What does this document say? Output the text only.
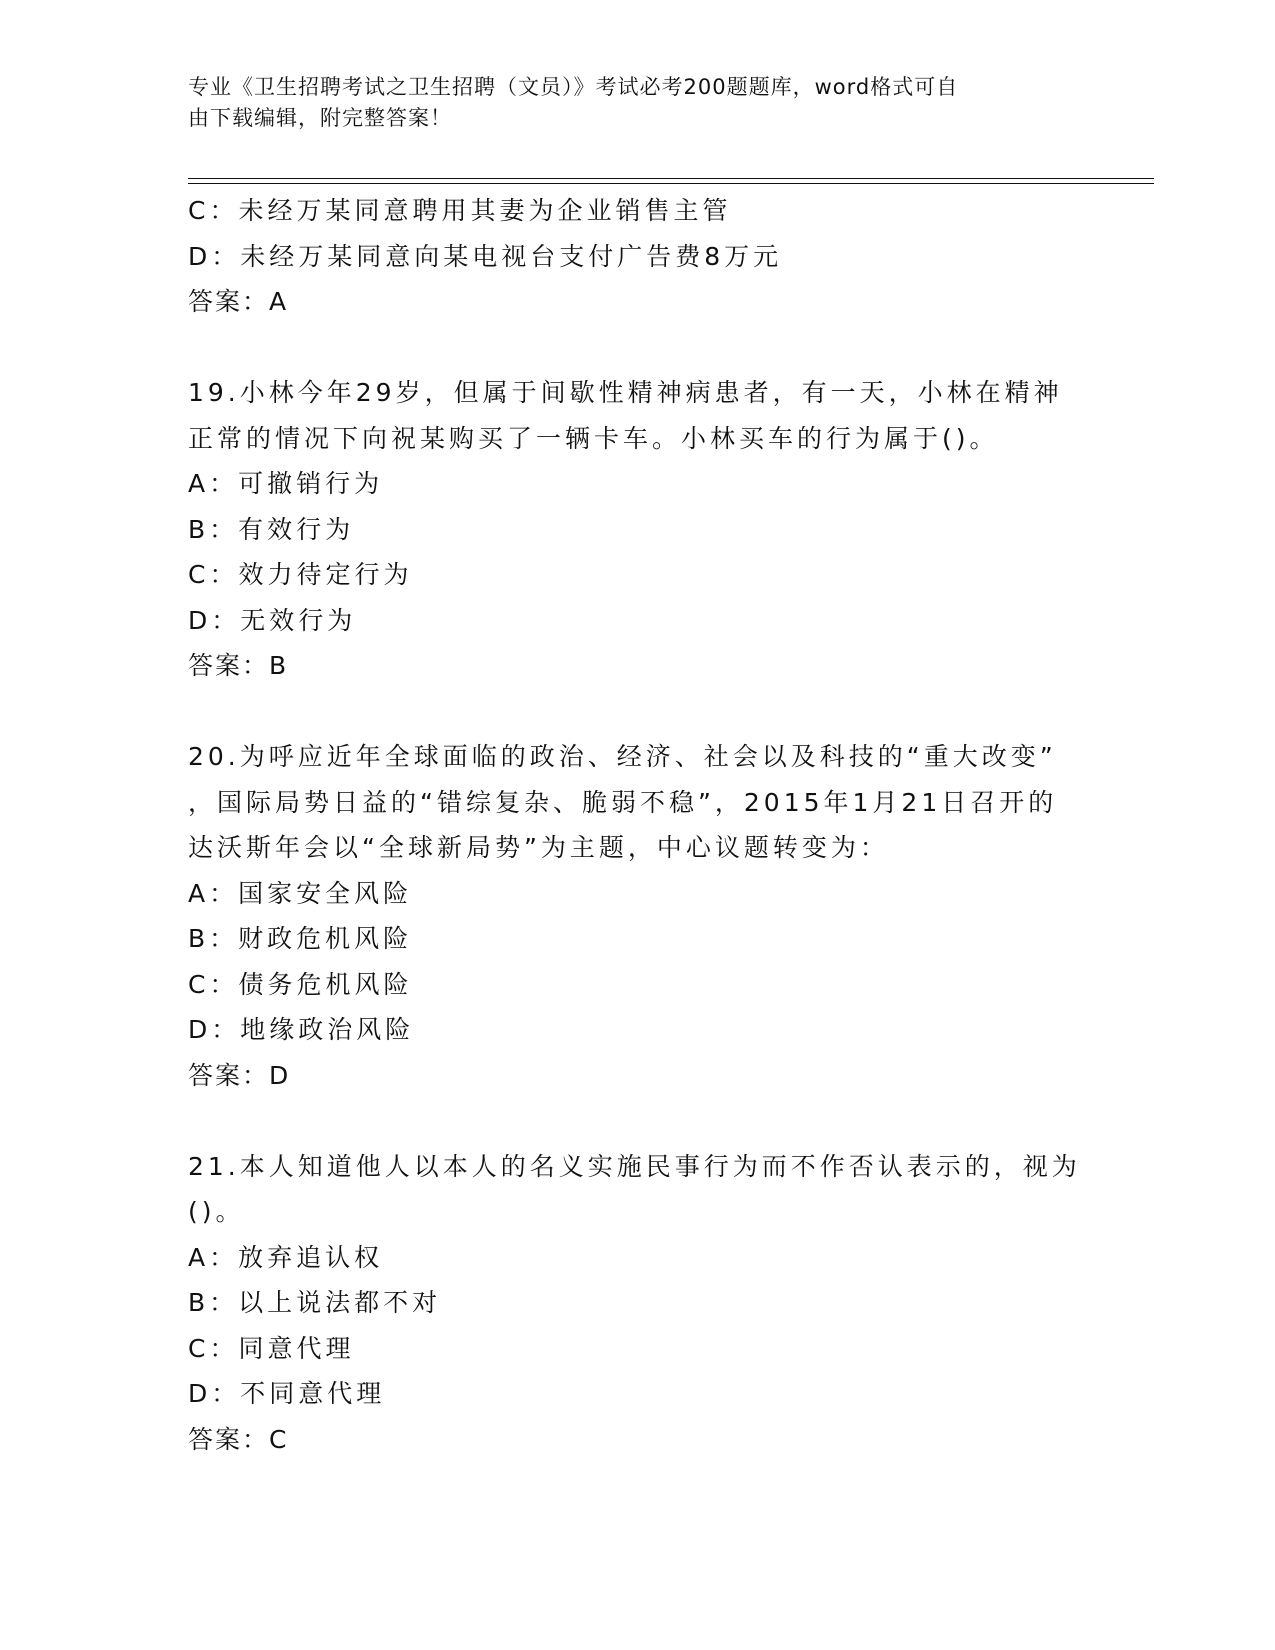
专业《卫生招聘考试之卫生招聘（文员）》考试必考200题题库，word格式可自
由下载编辑，附完整答案！
C：未经万某同意聘用其妻为企业销售主管
D：未经万某同意向某电视台支付广告费8万元
答案：A
19.小林今年29岁，但属于间歇性精神病患者，有一天，小林在精神
正常的情况下向祝某购买了一辆卡车。小林买车的行为属于()。
A：可撤销行为
B：有效行为
C：效力待定行为
D：无效行为
答案：B
20.为呼应近年全球面临的政治、经济、社会以及科技的“重大改变”
，国际局势日益的“错综复杂、脆弱不稳”，2015年1月21日召开的
达沃斯年会以“全球新局势”为主题，中心议题转变为：
A：国家安全风险
B：财政危机风险
C：债务危机风险
D：地缘政治风险
答案：D
21.本人知道他人以本人的名义实施民事行为而不作否认表示的，视为
()。
A：放弃追认权
B：以上说法都不对
C：同意代理
D：不同意代理
答案：C
